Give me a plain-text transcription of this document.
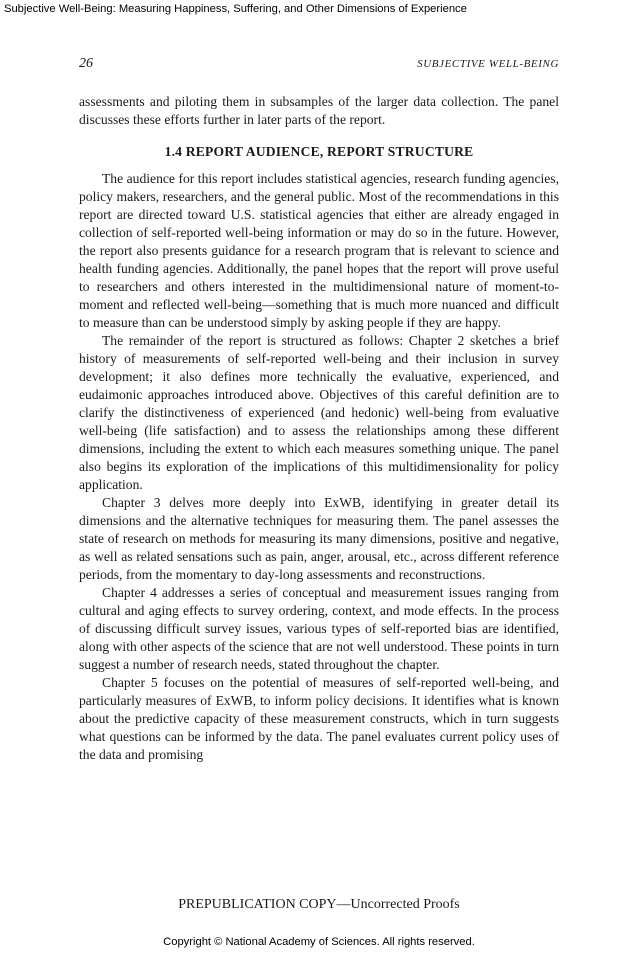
Subjective Well-Being: Measuring Happiness, Suffering, and Other Dimensions of Experience
26	SUBJECTIVE WELL-BEING

assessments and piloting them in subsamples of the larger data collection. The panel discusses these efforts further in later parts of the report.

1.4 REPORT AUDIENCE, REPORT STRUCTURE

The audience for this report includes statistical agencies, research funding agencies, policy makers, researchers, and the general public. Most of the recommendations in this report are directed toward U.S. statistical agencies that either are already engaged in collection of self-reported well-being information or may do so in the future. However, the report also presents guidance for a research program that is relevant to science and health funding agencies. Additionally, the panel hopes that the report will prove useful to researchers and others interested in the multidimensional nature of moment-to-moment and reflected well-being—something that is much more nuanced and difficult to measure than can be understood simply by asking people if they are happy.

The remainder of the report is structured as follows: Chapter 2 sketches a brief history of measurements of self-reported well-being and their inclusion in survey development; it also defines more technically the evaluative, experienced, and eudaimonic approaches introduced above. Objectives of this careful definition are to clarify the distinctiveness of experienced (and hedonic) well-being from evaluative well-being (life satisfaction) and to assess the relationships among these different dimensions, including the extent to which each measures something unique. The panel also begins its exploration of the implications of this multidimensionality for policy application.

Chapter 3 delves more deeply into ExWB, identifying in greater detail its dimensions and the alternative techniques for measuring them. The panel assesses the state of research on methods for measuring its many dimensions, positive and negative, as well as related sensations such as pain, anger, arousal, etc., across different reference periods, from the momentary to day-long assessments and reconstructions.

Chapter 4 addresses a series of conceptual and measurement issues ranging from cultural and aging effects to survey ordering, context, and mode effects. In the process of discussing difficult survey issues, various types of self-reported bias are identified, along with other aspects of the science that are not well understood. These points in turn suggest a number of research needs, stated throughout the chapter.

Chapter 5 focuses on the potential of measures of self-reported well-being, and particularly measures of ExWB, to inform policy decisions. It identifies what is known about the predictive capacity of these measurement constructs, which in turn suggests what questions can be informed by the data. The panel evaluates current policy uses of the data and promising

PREPUBLICATION COPY—Uncorrected Proofs
Copyright © National Academy of Sciences. All rights reserved.
